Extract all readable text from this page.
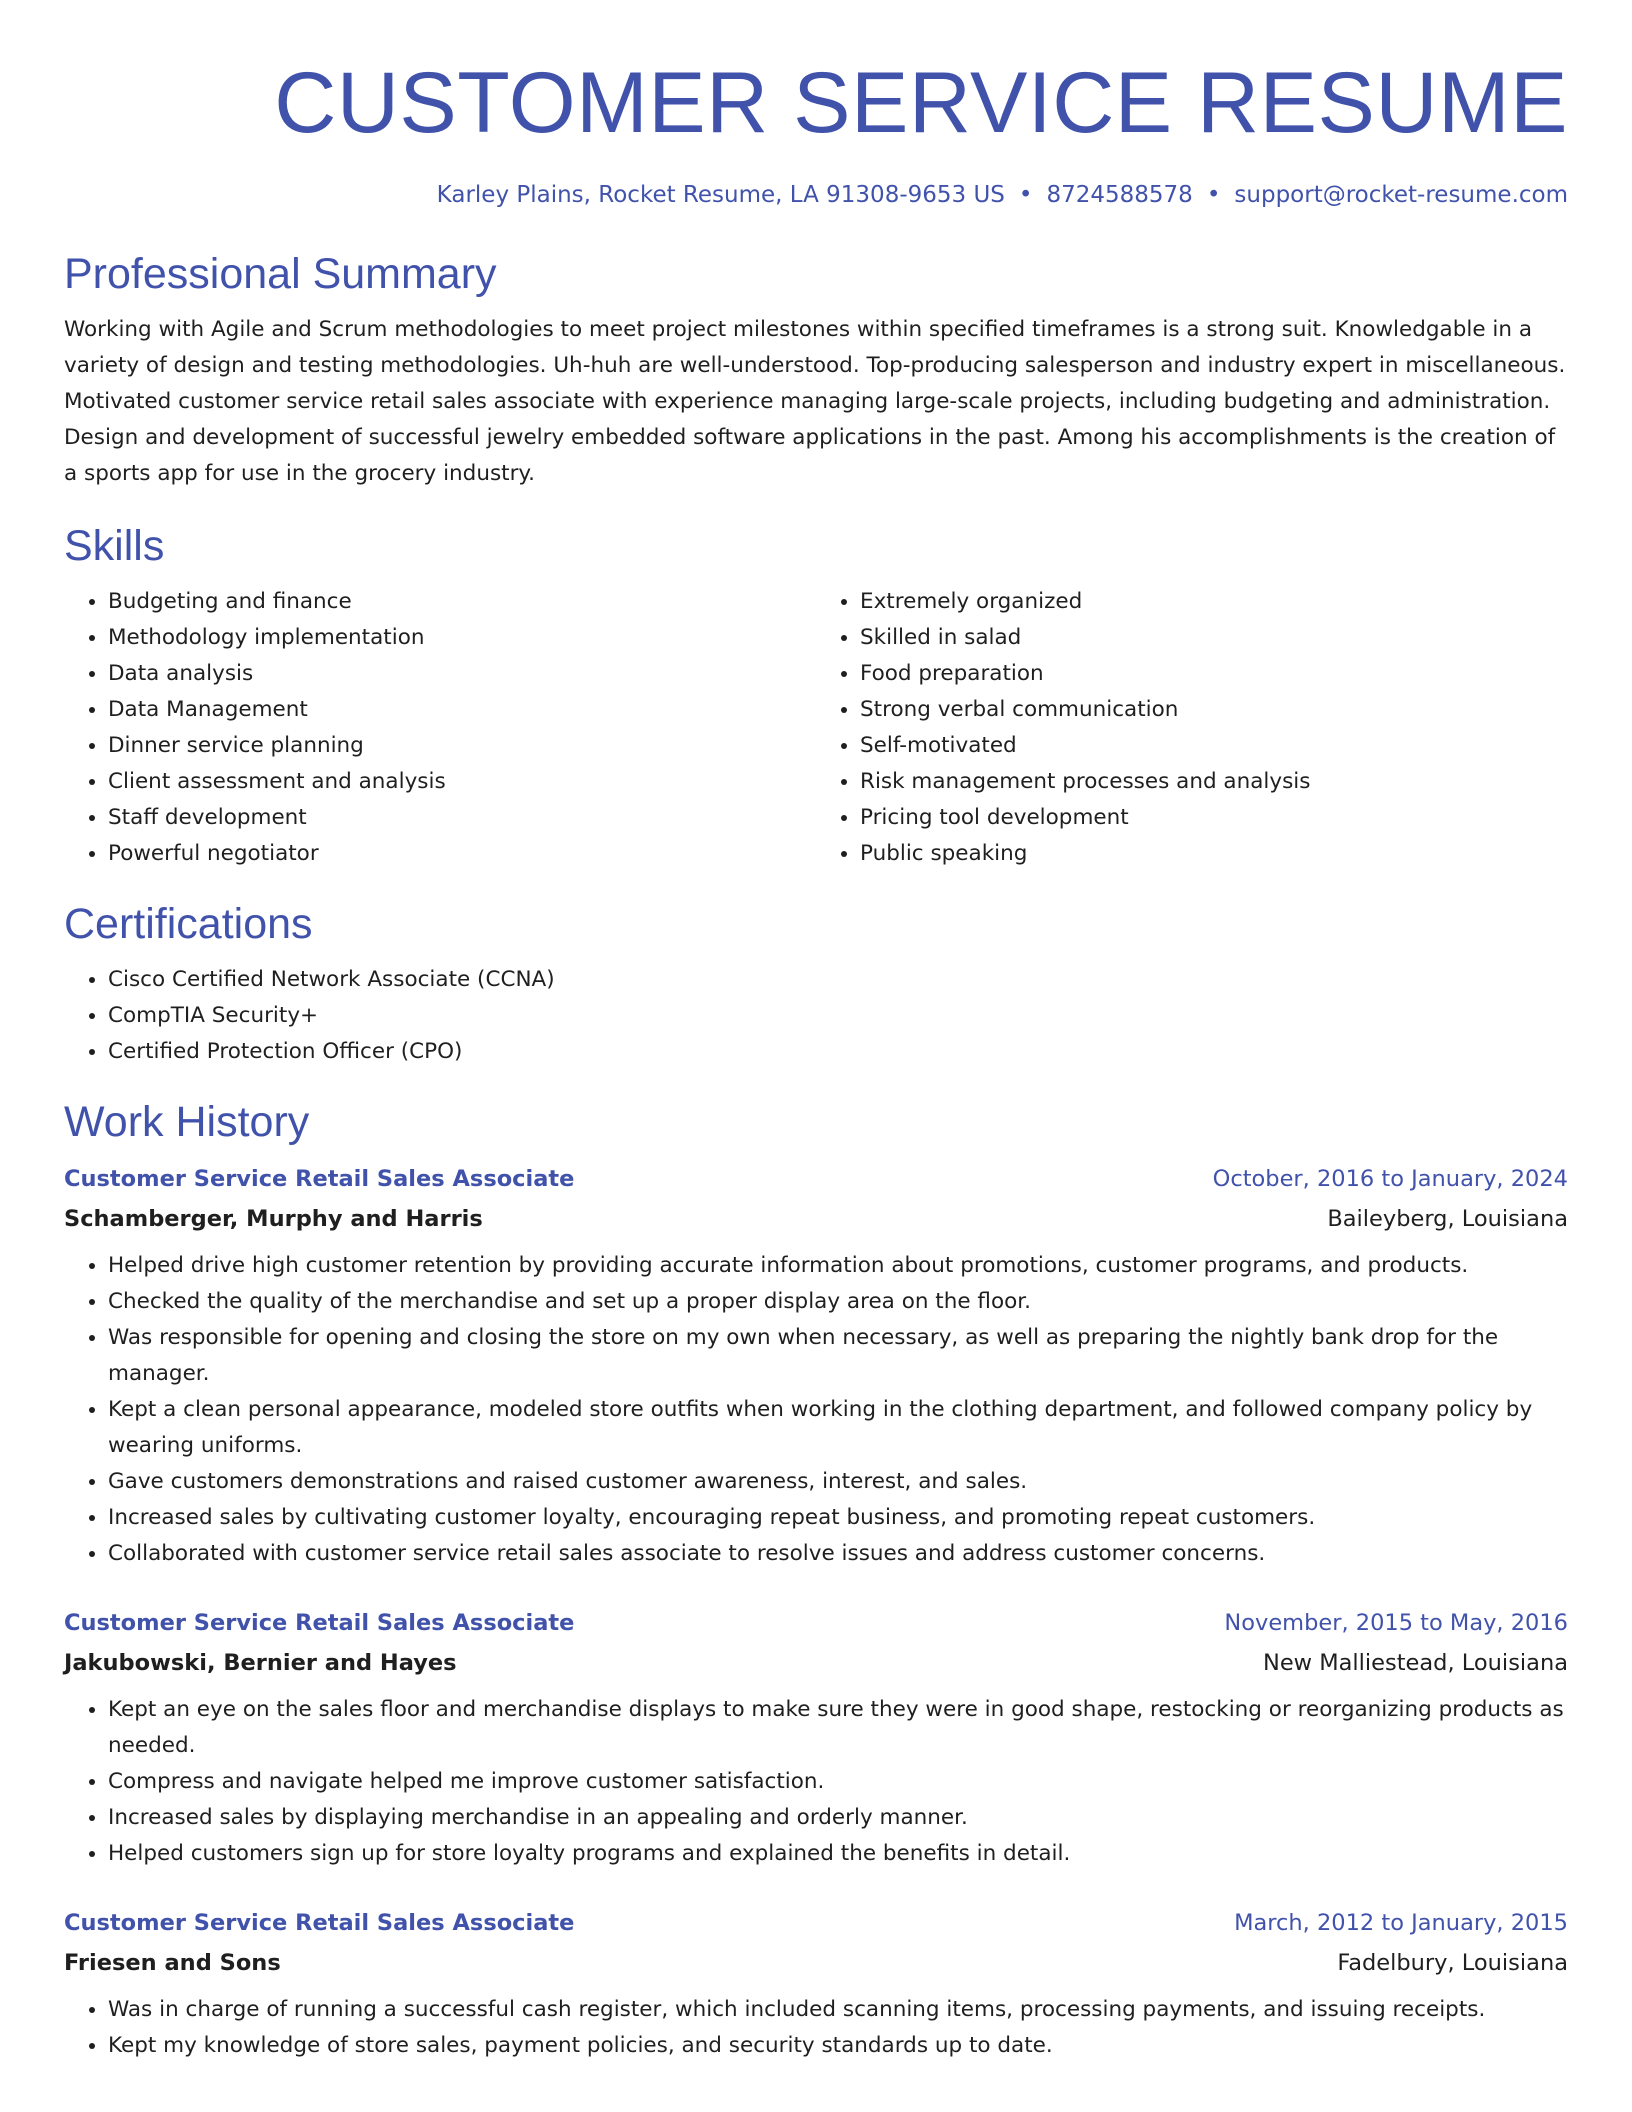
CUSTOMER SERVICE RESUME
Karley Plains, Rocket Resume, LA 91308-9653 US • 8724588578 • support@rocket-resume.com
Professional Summary
Working with Agile and Scrum methodologies to meet project milestones within specified timeframes is a strong suit. Knowledgable in a variety of design and testing methodologies. Uh-huh are well-understood. Top-producing salesperson and industry expert in miscellaneous. Motivated customer service retail sales associate with experience managing large-scale projects, including budgeting and administration. Design and development of successful jewelry embedded software applications in the past. Among his accomplishments is the creation of a sports app for use in the grocery industry.
Skills
• Budgeting and finance
• Methodology implementation
• Data analysis
• Data Management
• Dinner service planning
• Client assessment and analysis
• Staff development
• Powerful negotiator
• Extremely organized
• Skilled in salad
• Food preparation
• Strong verbal communication
• Self-motivated
• Risk management processes and analysis
• Pricing tool development
• Public speaking
Certifications
• Cisco Certified Network Associate (CCNA)
• CompTIA Security+
• Certified Protection Officer (CPO)
Work History
Customer Service Retail Sales Associate	October, 2016 to January, 2024
Schamberger, Murphy and Harris	Baileyberg, Louisiana
• Helped drive high customer retention by providing accurate information about promotions, customer programs, and products.
• Checked the quality of the merchandise and set up a proper display area on the floor.
• Was responsible for opening and closing the store on my own when necessary, as well as preparing the nightly bank drop for the manager.
• Kept a clean personal appearance, modeled store outfits when working in the clothing department, and followed company policy by wearing uniforms.
• Gave customers demonstrations and raised customer awareness, interest, and sales.
• Increased sales by cultivating customer loyalty, encouraging repeat business, and promoting repeat customers.
• Collaborated with customer service retail sales associate to resolve issues and address customer concerns.
Customer Service Retail Sales Associate	November, 2015 to May, 2016
Jakubowski, Bernier and Hayes	New Malliestead, Louisiana
• Kept an eye on the sales floor and merchandise displays to make sure they were in good shape, restocking or reorganizing products as needed.
• Compress and navigate helped me improve customer satisfaction.
• Increased sales by displaying merchandise in an appealing and orderly manner.
• Helped customers sign up for store loyalty programs and explained the benefits in detail.
Customer Service Retail Sales Associate	March, 2012 to January, 2015
Friesen and Sons	Fadelbury, Louisiana
• Was in charge of running a successful cash register, which included scanning items, processing payments, and issuing receipts.
• Kept my knowledge of store sales, payment policies, and security standards up to date.
